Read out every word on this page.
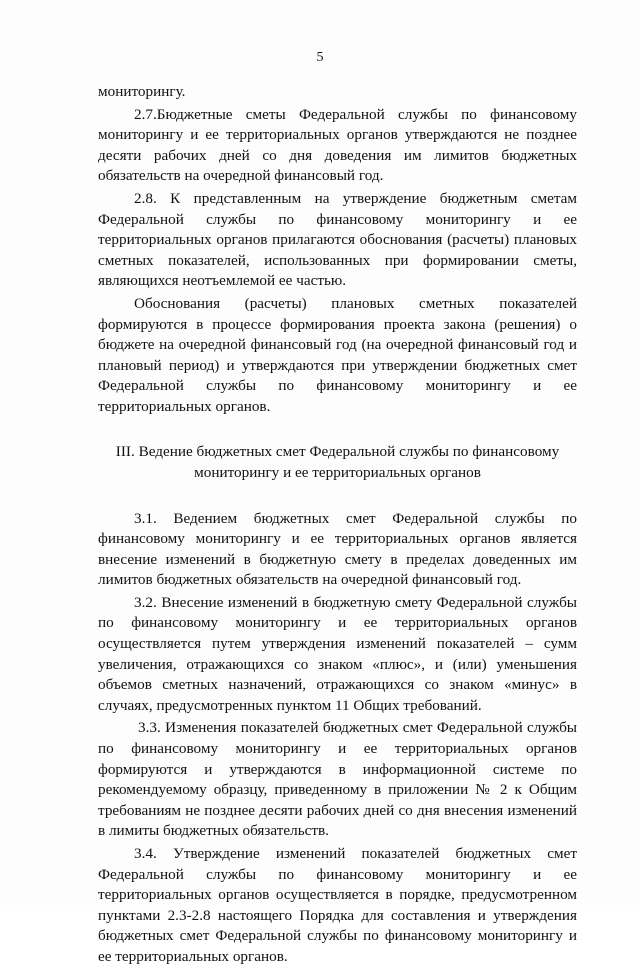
5

мониторингу.

2.7.Бюджетные сметы Федеральной службы по финансовому мониторингу и ее территориальных органов утверждаются не позднее десяти рабочих дней со дня доведения им лимитов бюджетных обязательств на очередной финансовый год.

2.8. К представленным на утверждение бюджетным сметам Федеральной службы по финансовому мониторингу и ее территориальных органов прилагаются обоснования (расчеты) плановых сметных показателей, использованных при формировании сметы, являющихся неотъемлемой ее частью.

Обоснования (расчеты) плановых сметных показателей формируются в процессе формирования проекта закона (решения) о бюджете на очередной финансовый год (на очередной финансовый год и плановый период) и утверждаются при утверждении бюджетных смет Федеральной службы по финансовому мониторингу и ее территориальных органов.

III. Ведение бюджетных смет Федеральной службы по финансовому
мониторингу и ее территориальных органов

3.1. Ведением бюджетных смет Федеральной службы по финансовому мониторингу и ее территориальных органов является внесение изменений в бюджетную смету в пределах доведенных им лимитов бюджетных обязательств на очередной финансовый год.

3.2. Внесение изменений в бюджетную смету Федеральной службы по финансовому мониторингу и ее территориальных органов осуществляется путем утверждения изменений показателей – сумм увеличения, отражающихся со знаком «плюс», и (или) уменьшения объемов сметных назначений, отражающихся со знаком «минус» в случаях, предусмотренных пунктом 11 Общих требований.

3.3. Изменения показателей бюджетных смет Федеральной службы по финансовому мониторингу и ее территориальных органов формируются и утверждаются в информационной системе по рекомендуемому образцу, приведенному в приложении № 2 к Общим требованиям не позднее десяти рабочих дней со дня внесения изменений в лимиты бюджетных обязательств.

3.4. Утверждение изменений показателей бюджетных смет Федеральной службы по финансовому мониторингу и ее территориальных органов осуществляется в порядке, предусмотренном пунктами 2.3-2.8 настоящего Порядка для составления и утверждения бюджетных смет Федеральной службы по финансовому мониторингу и ее территориальных органов.
